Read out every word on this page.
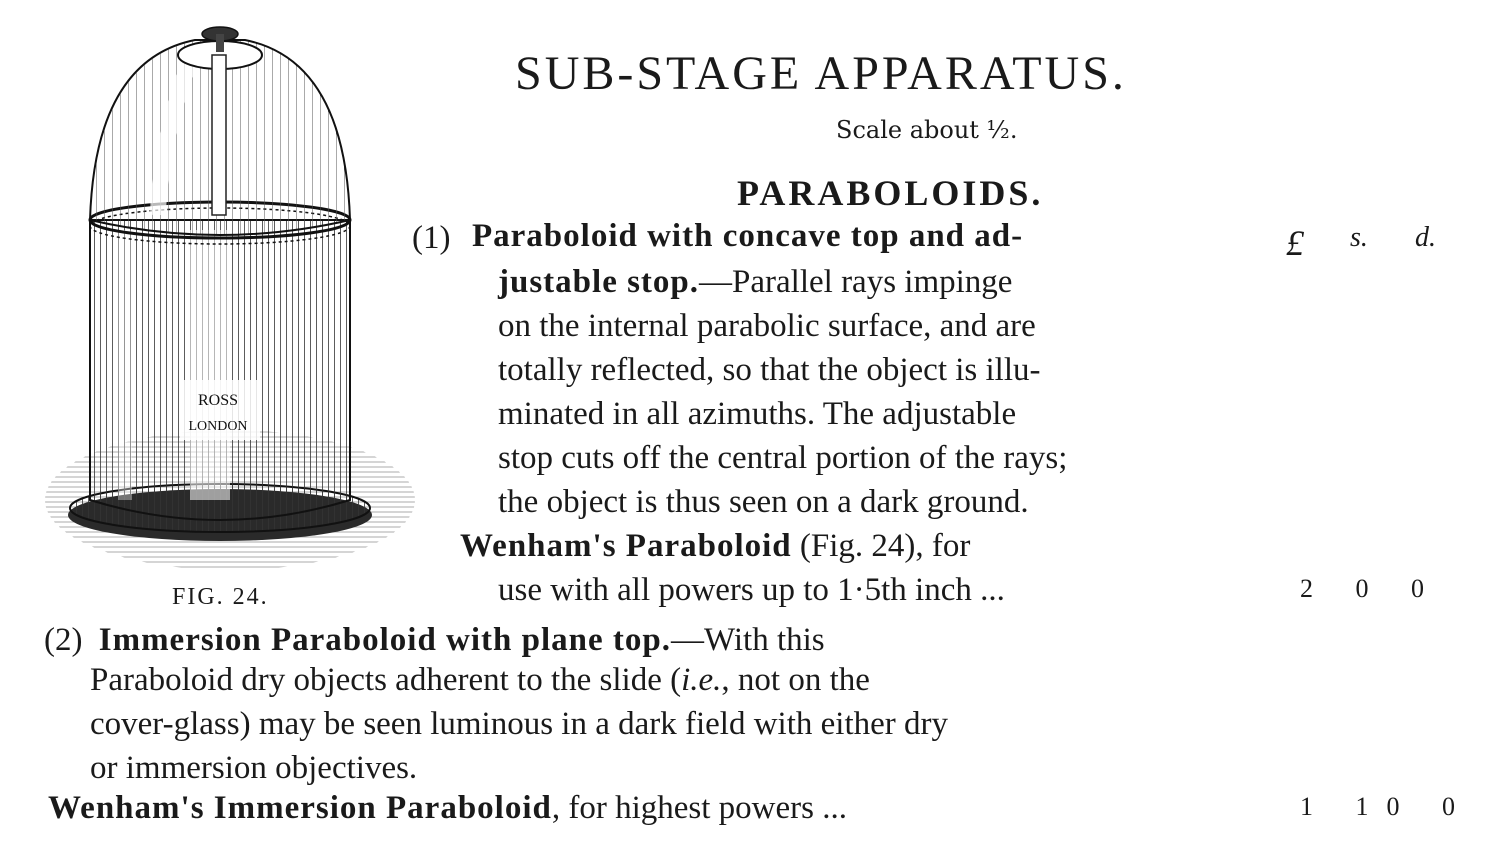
ROSS
LONDON
FIG. 24.
SUB-STAGE APPARATUS.
Scale about ½.
PARABOLOIDS.
£ s. d.
(1) Paraboloid with concave top and ad-
justable stop.—Parallel rays impinge
on the internal parabolic surface, and are
totally reflected, so that the object is illu-
minated in all azimuths. The adjustable
stop cuts off the central portion of the rays;
the object is thus seen on a dark ground.
Wenham's Paraboloid (Fig. 24), for
use with all powers up to 1·5th inch ...	2 0 0
(2) Immersion Paraboloid with plane top.—With this
Paraboloid dry objects adherent to the slide (i.e., not on the
cover-glass) may be seen luminous in a dark field with either dry
or immersion objectives.
Wenham's Immersion Paraboloid, for highest powers ...	1 10 0
